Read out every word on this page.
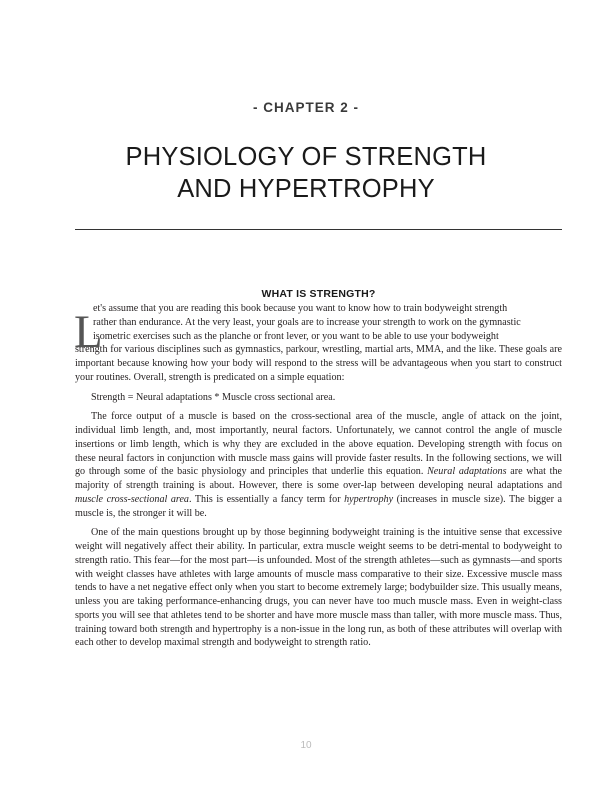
- CHAPTER 2 -
PHYSIOLOGY OF STRENGTH
AND HYPERTROPHY
WHAT IS STRENGTH?

L
et's assume that you are reading this book because you want to know how to train bodyweight strength
rather than endurance. At the very least, your goals are to increase your strength to work on the gymnastic
isometric exercises such as the planche or front lever, or you want to be able to use your bodyweight
strength for various disciplines such as gymnastics, parkour, wrestling, martial arts, MMA, and the like. These goals are important because knowing how your body will respond to the stress will be advantageous when you start to construct your routines. Overall, strength is predicated on a simple equation:

Strength = Neural adaptations * Muscle cross sectional area.

The force output of a muscle is based on the cross-sectional area of the muscle, angle of attack on the joint, individual limb length, and, most importantly, neural factors. Unfortunately, we cannot control the angle of muscle insertions or limb length, which is why they are excluded in the above equation. Developing strength with focus on these neural factors in conjunction with muscle mass gains will provide faster results. In the following sections, we will go through some of the basic physiology and principles that underlie this equation. Neural adaptations are what the majority of strength training is about. However, there is some over-lap between developing neural adaptations and muscle cross-sectional area. This is essentially a fancy term for hypertrophy (increases in muscle size). The bigger a muscle is, the stronger it will be.

One of the main questions brought up by those beginning bodyweight training is the intuitive sense that excessive weight will negatively affect their ability. In particular, extra muscle weight seems to be detri-mental to bodyweight to strength ratio. This fear—for the most part—is unfounded. Most of the strength athletes—such as gymnasts—and sports with weight classes have athletes with large amounts of muscle mass comparative to their size. Excessive muscle mass tends to have a net negative effect only when you start to become extremely large; bodybuilder size. This usually means, unless you are taking performance-enhancing drugs, you can never have too much muscle mass. Even in weight-class sports you will see that athletes tend to be shorter and have more muscle mass than taller, with more muscle mass. Thus, training toward both strength and hypertrophy is a non-issue in the long run, as both of these attributes will overlap with each other to develop maximal strength and bodyweight to strength ratio.

10
